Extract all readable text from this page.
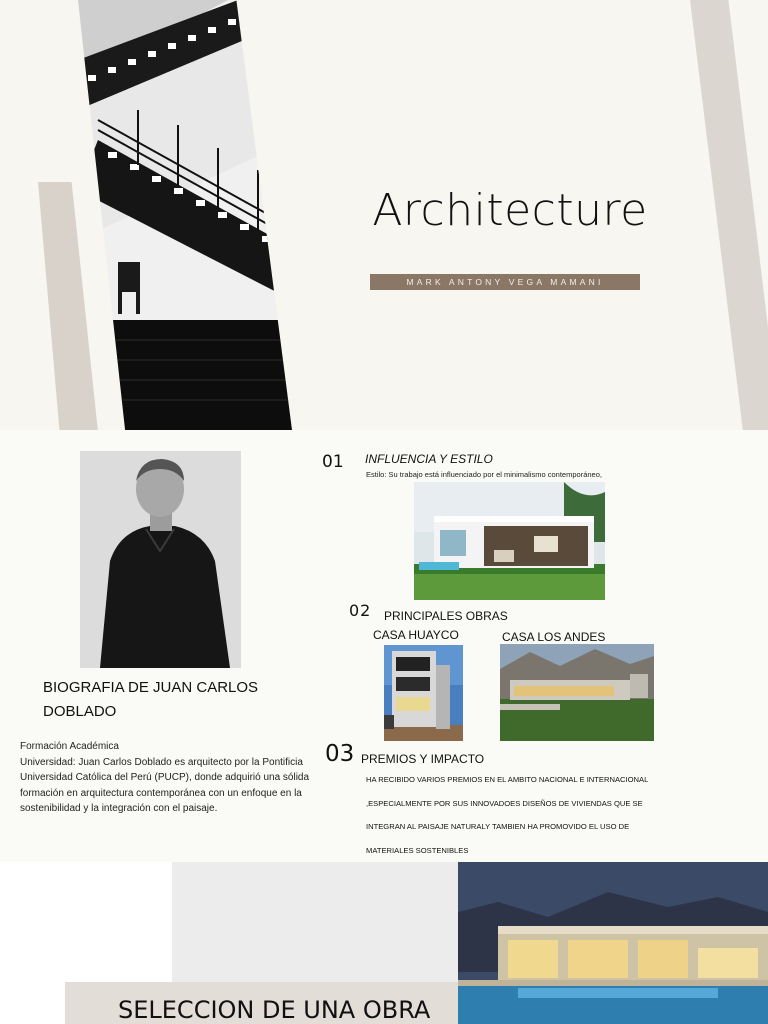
Architecture
MARK ANTONY VEGA MAMANI
BIOGRAFIA DE JUAN CARLOS
DOBLADO
Formación Académica
Universidad: Juan Carlos Doblado es arquitecto por la Pontificia
Universidad Católica del Perú (PUCP), donde adquirió una sólida
formación en arquitectura contemporánea con un enfoque en la
sostenibilidad y la integración con el paisaje.
01 INFLUENCIA Y ESTILO
Estilo: Su trabajo está influenciado por el minimalismo contemporáneo,
02 PRINCIPALES OBRAS
CASA HUAYCO	CASA LOS ANDES
03 PREMIOS Y IMPACTO
HA RECIBIDO VARIOS PREMIOS EN EL AMBITO NACIONAL E INTERNACIONAL
,ESPECIALMENTE POR SUS INNOVADOES DISEÑOS DE VIVIENDAS QUE SE
INTEGRAN AL PAISAJE NATURALY TAMBIEN HA PROMOVIDO EL USO DE
MATERIALES SOSTENIBLES
SELECCION DE UNA OBRA
